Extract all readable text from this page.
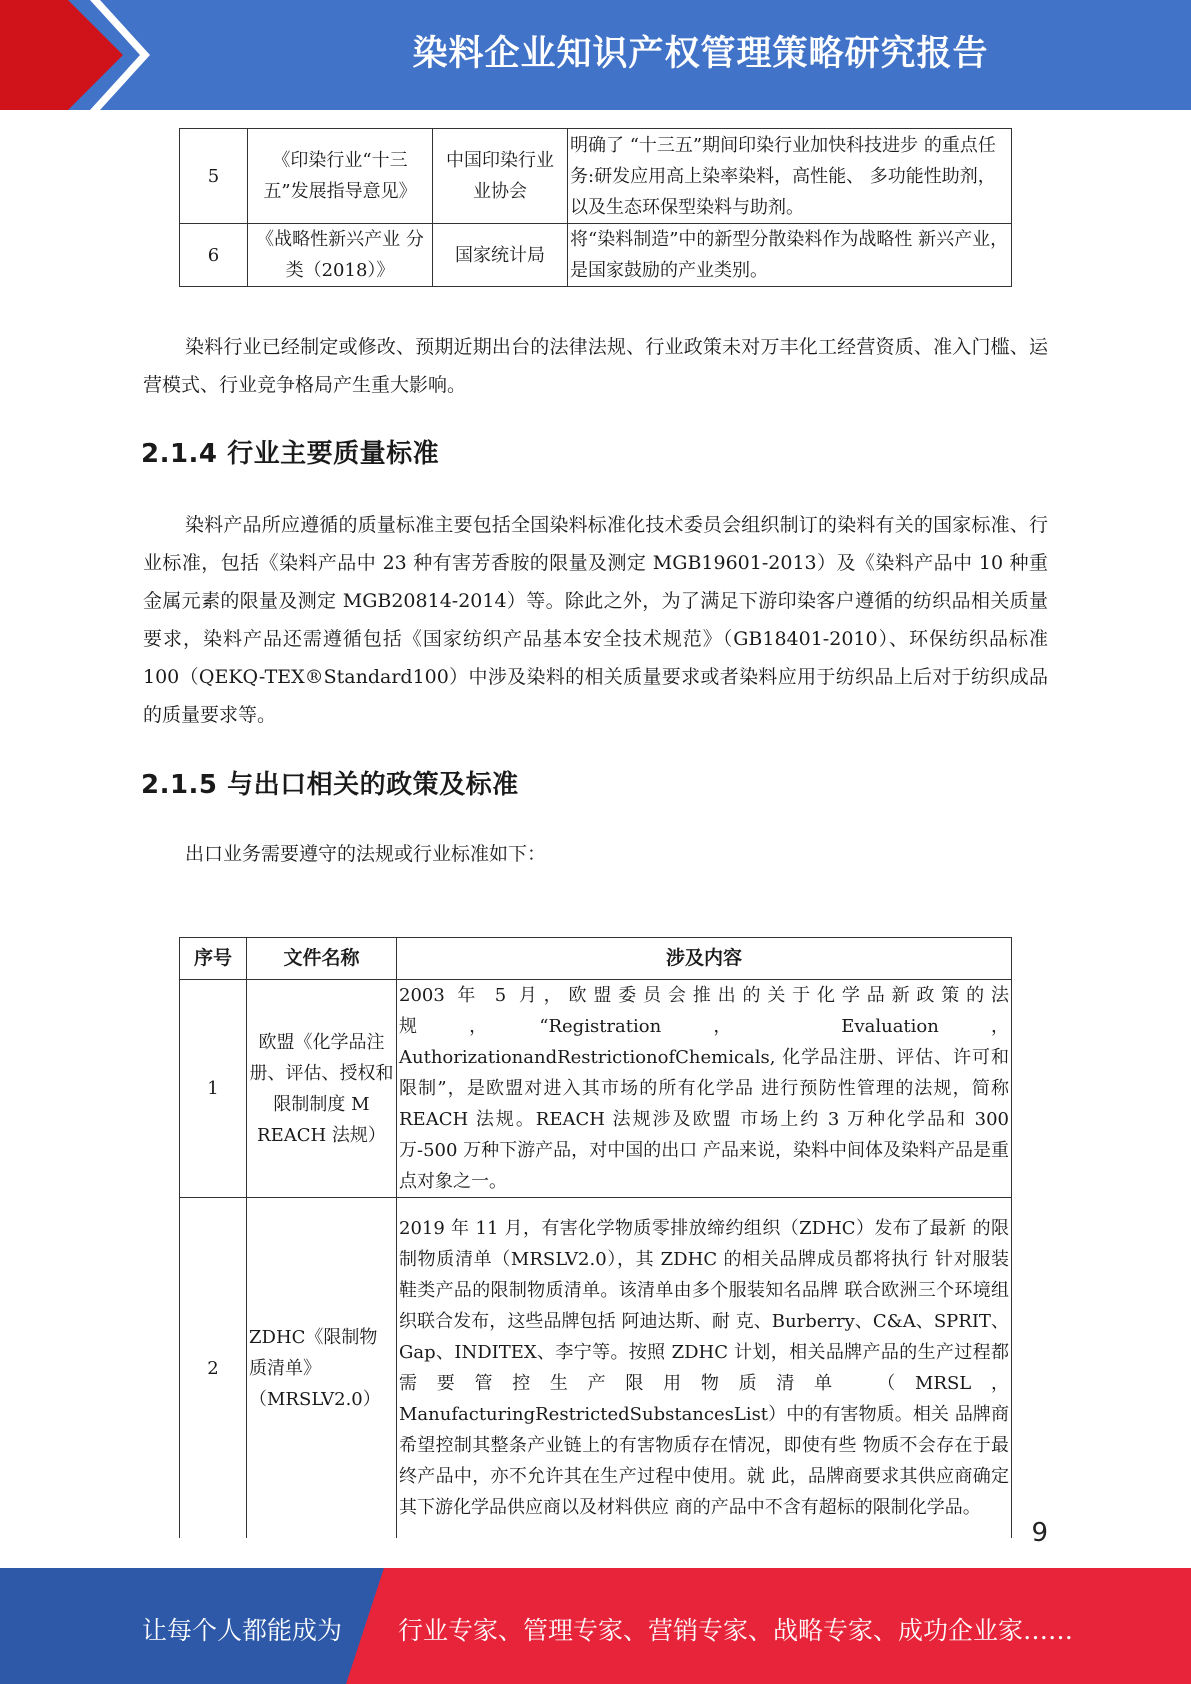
染料企业知识产权管理策略研究报告
5	《印染行业“十三五”发展指导意见》	中国印染行业 业协会	明确了 “十三五”期间印染行业加快科技进步 的重点任务:研发应用高上染率染料，高性能、 多功能性助剂，以及生态环保型染料与助剂。
6	《战略性新兴产业 分类（2018）》	国家统计局	将“染料制造”中的新型分散染料作为战略性 新兴产业，是国家鼓励的产业类别。

染料行业已经制定或修改、预期近期出台的法律法规、行业政策未对万丰化工经营资质、准入门槛、运营模式、行业竞争格局产生重大影响。

2.1.4 行业主要质量标准

染料产品所应遵循的质量标准主要包括全国染料标准化技术委员会组织制订的染料有关的国家标准、行业标准，包括《染料产品中 23 种有害芳香胺的限量及测定 MGB19601-2013）及《染料产品中 10 种重金属元素的限量及测定 MGB20814-2014）等。除此之外，为了满足下游印染客户遵循的纺织品相关质量要求，染料产品还需遵循包括《国家纺织产品基本安全技术规范》（GB18401-2010）、环保纺织品标准 100（QEKQ-TEX®Standard100）中涉及染料的相关质量要求或者染料应用于纺织品上后对于纺织成品的质量要求等。

2.1.5 与出口相关的政策及标准

出口业务需要遵守的法规或行业标准如下：

序号	文件名称	涉及内容
1	欧盟《化学品注册、评估、授权和限制制度 M REACH 法规）	2003 年 5 月，欧盟委员会推出的关于化学品新政策的法规，“Registration， Evaluation， AuthorizationandRestrictionofChemicals, 化学品注册、评估、许可和限制”，是欧盟对进入其市场的所有化学品 进行预防性管理的法规，简称 REACH 法规。REACH 法规涉及欧盟 市场上约 3 万种化学品和 300 万-500 万种下游产品，对中国的出口 产品来说，染料中间体及染料产品是重点对象之一。
2	ZDHC《限制物质清单》（MRSLV2.0）	2019 年 11 月，有害化学物质零排放缔约组织（ZDHC）发布了最新 的限制物质清单（MRSLV2.0），其 ZDHC 的相关品牌成员都将执行 针对服装鞋类产品的限制物质清单。该清单由多个服装知名品牌 联合欧洲三个环境组织联合发布，这些品牌包括 阿迪达斯、耐 克、Burberry、C&A、SPRIT、Gap、INDITEX、李宁等。按照 ZDHC 计划，相关品牌产品的生产过程都需要管控生产限用物质清单 （MRSL，ManufacturingRestrictedSubstancesList）中的有害物质。相关 品牌商希望控制其整条产业链上的有害物质存在情况，即使有些 物质不会存在于最终产品中，亦不允许其在生产过程中使用。就 此，品牌商要求其供应商确定其下游化学品供应商以及材料供应 商的产品中不含有超标的限制化学品。
9
让每个人都能成为 行业专家、管理专家、营销专家、战略专家、成功企业家……
